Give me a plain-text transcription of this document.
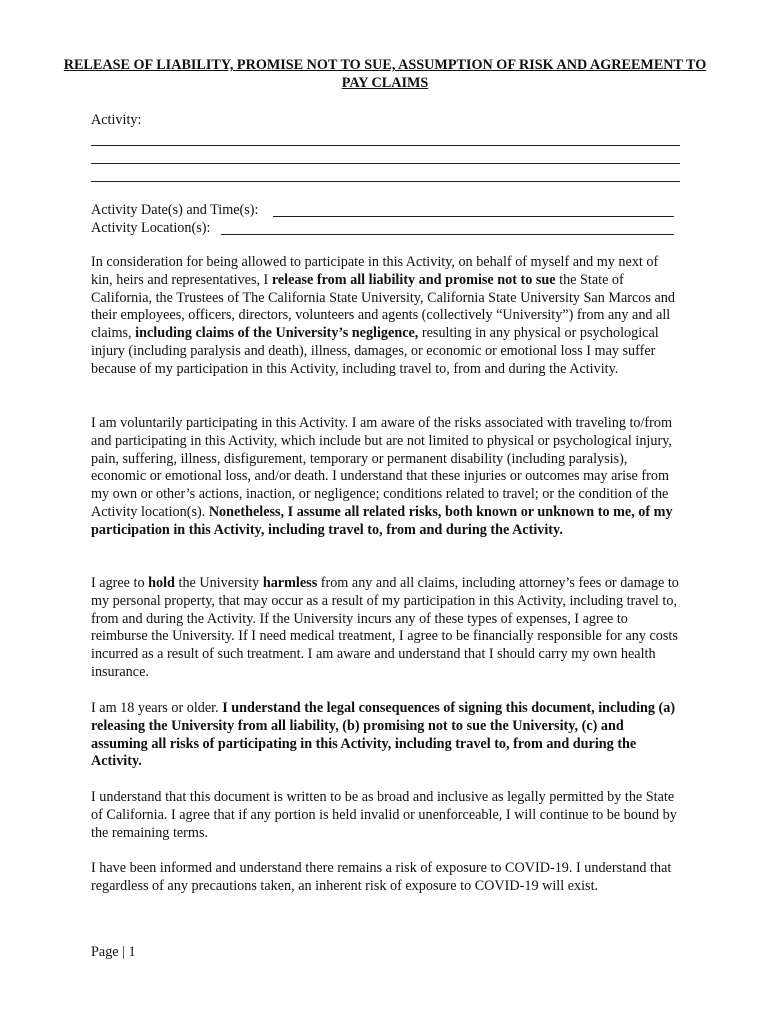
RELEASE OF LIABILITY, PROMISE NOT TO SUE, ASSUMPTION OF RISK AND AGREEMENT TO PAY CLAIMS
Activity:
Activity Date(s) and Time(s):
Activity Location(s):
In consideration for being allowed to participate in this Activity, on behalf of myself and my next of kin, heirs and representatives, I release from all liability and promise not to sue the State of California, the Trustees of The California State University, California State University San Marcos and their employees, officers, directors, volunteers and agents (collectively “University”) from any and all claims, including claims of the University’s negligence, resulting in any physical or psychological injury (including paralysis and death), illness, damages, or economic or emotional loss I may suffer because of my participation in this Activity, including travel to, from and during the Activity.
I am voluntarily participating in this Activity. I am aware of the risks associated with traveling to/from and participating in this Activity, which include but are not limited to physical or psychological injury, pain, suffering, illness, disfigurement, temporary or permanent disability (including paralysis), economic or emotional loss, and/or death. I understand that these injuries or outcomes may arise from my own or other’s actions, inaction, or negligence; conditions related to travel; or the condition of the Activity location(s). Nonetheless, I assume all related risks, both known or unknown to me, of my participation in this Activity, including travel to, from and during the Activity.
I agree to hold the University harmless from any and all claims, including attorney’s fees or damage to my personal property, that may occur as a result of my participation in this Activity, including travel to, from and during the Activity. If the University incurs any of these types of expenses, I agree to reimburse the University. If I need medical treatment, I agree to be financially responsible for any costs incurred as a result of such treatment. I am aware and understand that I should carry my own health insurance.
I am 18 years or older. I understand the legal consequences of signing this document, including (a) releasing the University from all liability, (b) promising not to sue the University, (c) and assuming all risks of participating in this Activity, including travel to, from and during the Activity.
I understand that this document is written to be as broad and inclusive as legally permitted by the State of California. I agree that if any portion is held invalid or unenforceable, I will continue to be bound by the remaining terms.
I have been informed and understand there remains a risk of exposure to COVID-19. I understand that regardless of any precautions taken, an inherent risk of exposure to COVID-19 will exist.
Page | 1
